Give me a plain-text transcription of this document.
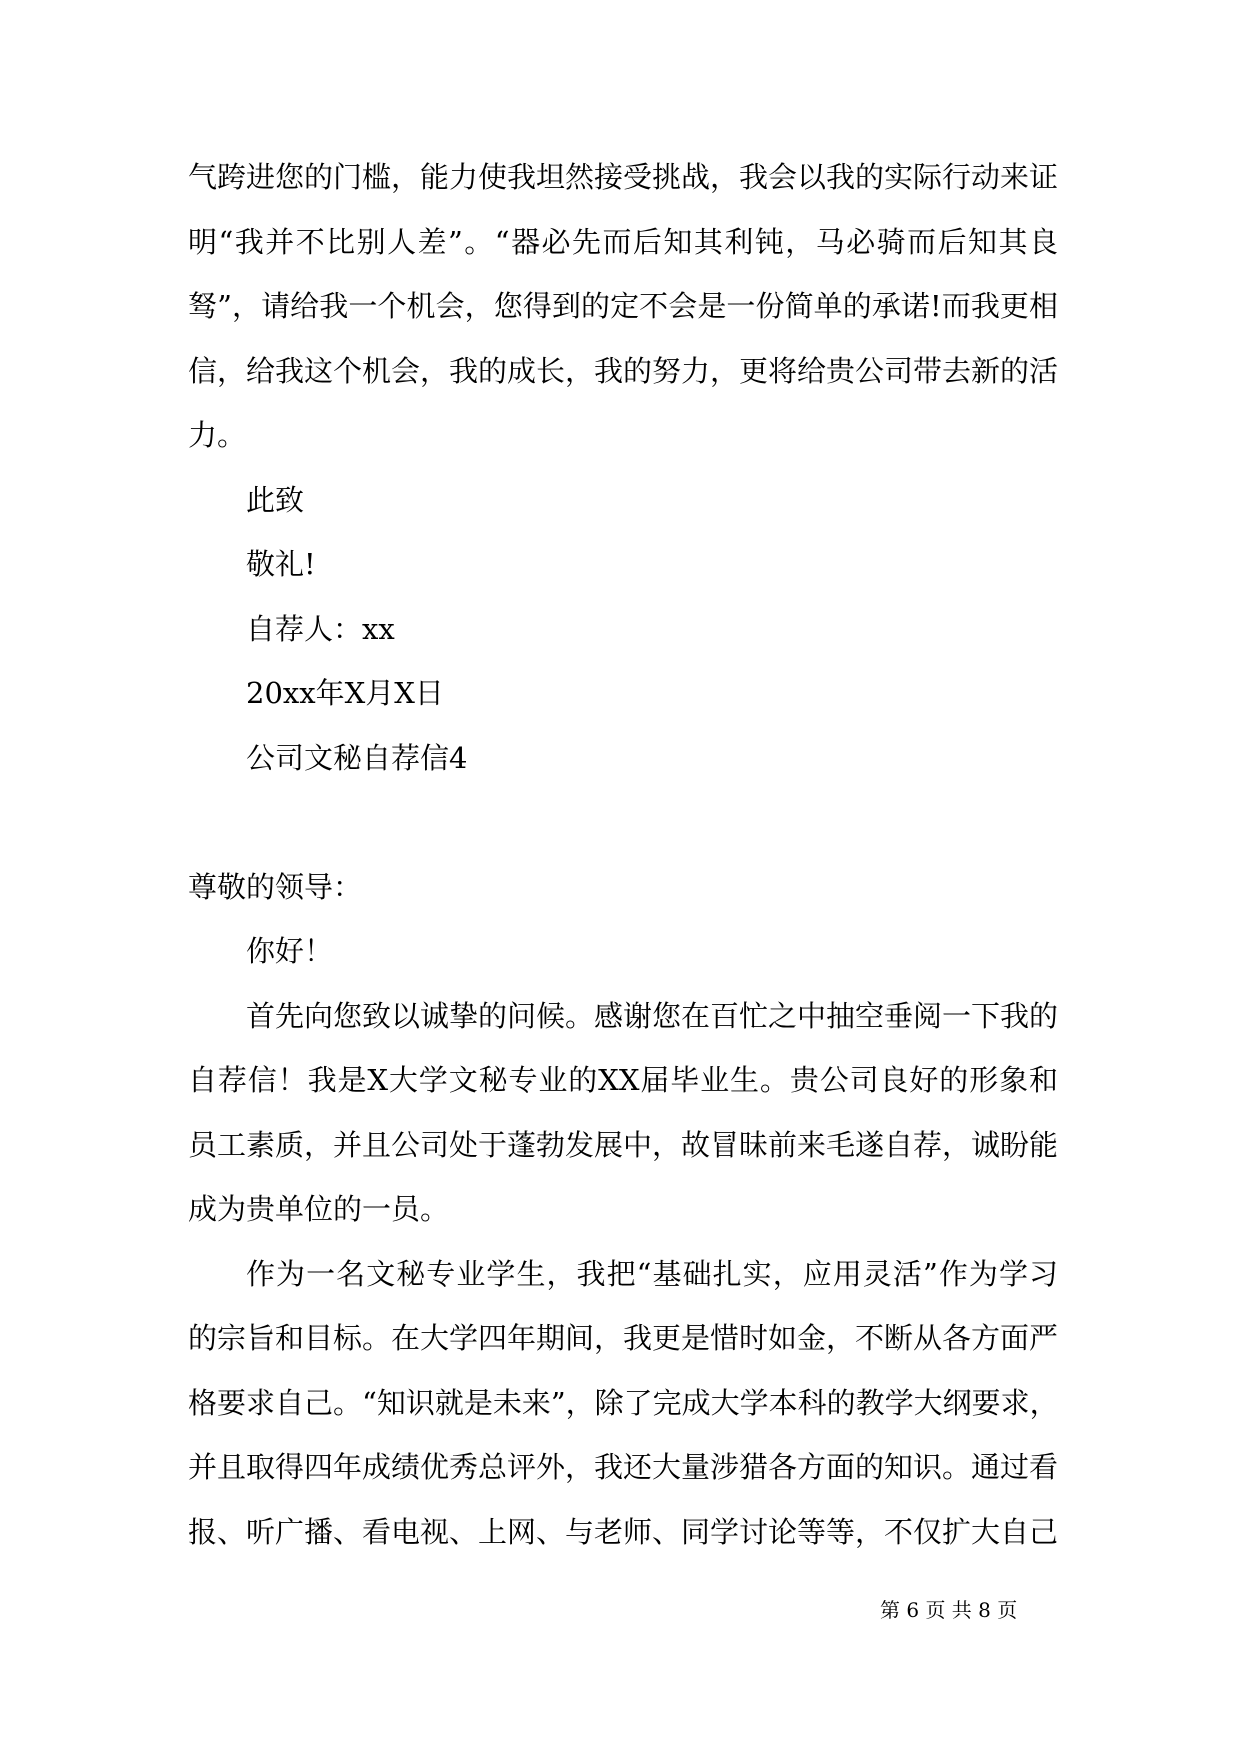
气跨进您的门槛，能力使我坦然接受挑战，我会以我的实际行动来证
明“我并不比别人差”。“器必先而后知其利钝，马必骑而后知其良
驽”，请给我一个机会，您得到的定不会是一份简单的承诺!而我更相
信，给我这个机会，我的成长，我的努力，更将给贵公司带去新的活
力。
此致
敬礼!
自荐人：xx
20xx年X月X日
公司文秘自荐信4
尊敬的领导：
你好！
首先向您致以诚挚的问候。感谢您在百忙之中抽空垂阅一下我的
自荐信！我是X大学文秘专业的XX届毕业生。贵公司良好的形象和
员工素质，并且公司处于蓬勃发展中，故冒昧前来毛遂自荐，诚盼能
成为贵单位的一员。
作为一名文秘专业学生，我把“基础扎实，应用灵活”作为学习
的宗旨和目标。在大学四年期间，我更是惜时如金，不断从各方面严
格要求自己。“知识就是未来”，除了完成大学本科的教学大纲要求，
并且取得四年成绩优秀总评外，我还大量涉猎各方面的知识。通过看
报、听广播、看电视、上网、与老师、同学讨论等等，不仅扩大自己
第 6 页 共 8 页
